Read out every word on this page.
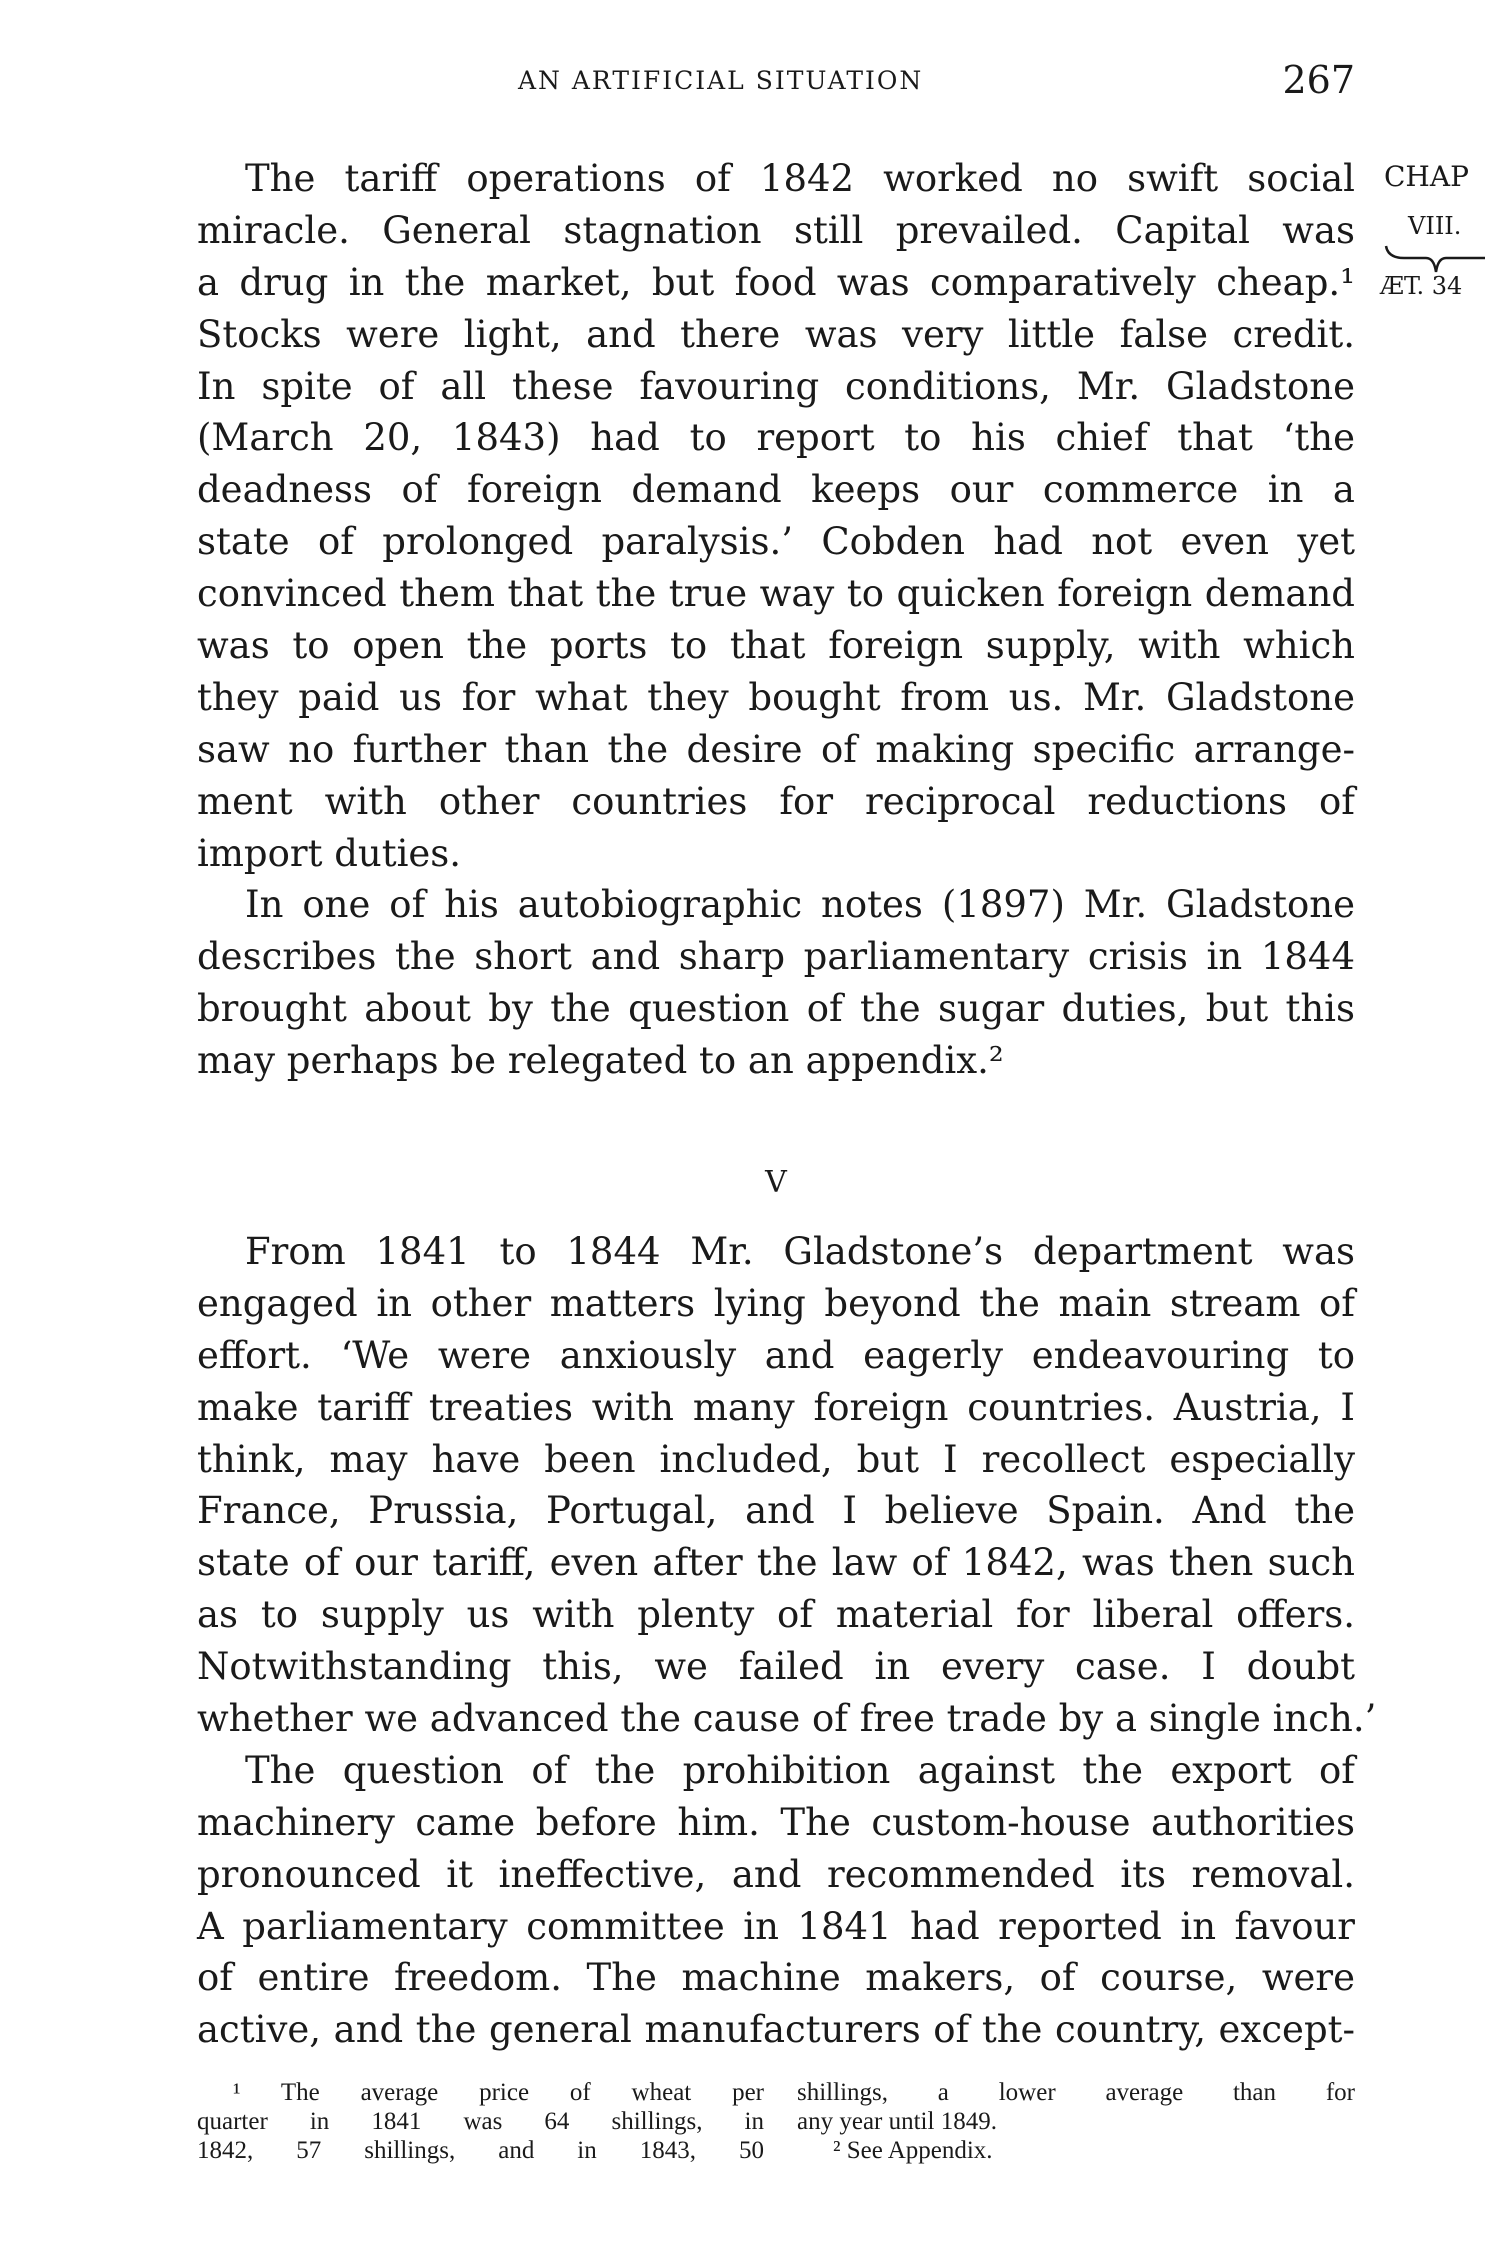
AN ARTIFICIAL SITUATION	267
CHAP
VIII.
ÆT. 34
The tariff operations of 1842 worked no swift social
miracle. General stagnation still prevailed. Capital was
a drug in the market, but food was comparatively cheap.¹
Stocks were light, and there was very little false credit.
In spite of all these favouring conditions, Mr. Gladstone
(March 20, 1843) had to report to his chief that ‘the
deadness of foreign demand keeps our commerce in a
state of prolonged paralysis.’ Cobden had not even yet
convinced them that the true way to quicken foreign demand
was to open the ports to that foreign supply, with which
they paid us for what they bought from us. Mr. Gladstone
saw no further than the desire of making specific arrange-
ment with other countries for reciprocal reductions of
import duties.
In one of his autobiographic notes (1897) Mr. Gladstone
describes the short and sharp parliamentary crisis in 1844
brought about by the question of the sugar duties, but this
may perhaps be relegated to an appendix.²
V
From 1841 to 1844 Mr. Gladstone’s department was
engaged in other matters lying beyond the main stream of
effort. ‘We were anxiously and eagerly endeavouring to
make tariff treaties with many foreign countries. Austria, I
think, may have been included, but I recollect especially
France, Prussia, Portugal, and I believe Spain. And the
state of our tariff, even after the law of 1842, was then such
as to supply us with plenty of material for liberal offers.
Notwithstanding this, we failed in every case. I doubt
whether we advanced the cause of free trade by a single inch.’
The question of the prohibition against the export of
machinery came before him. The custom-house authorities
pronounced it ineffective, and recommended its removal.
A parliamentary committee in 1841 had reported in favour
of entire freedom. The machine makers, of course, were
active, and the general manufacturers of the country, except-
¹ The average price of wheat per
quarter in 1841 was 64 shillings, in
1842, 57 shillings, and in 1843, 50
shillings, a lower average than for
any year until 1849.
² See Appendix.
